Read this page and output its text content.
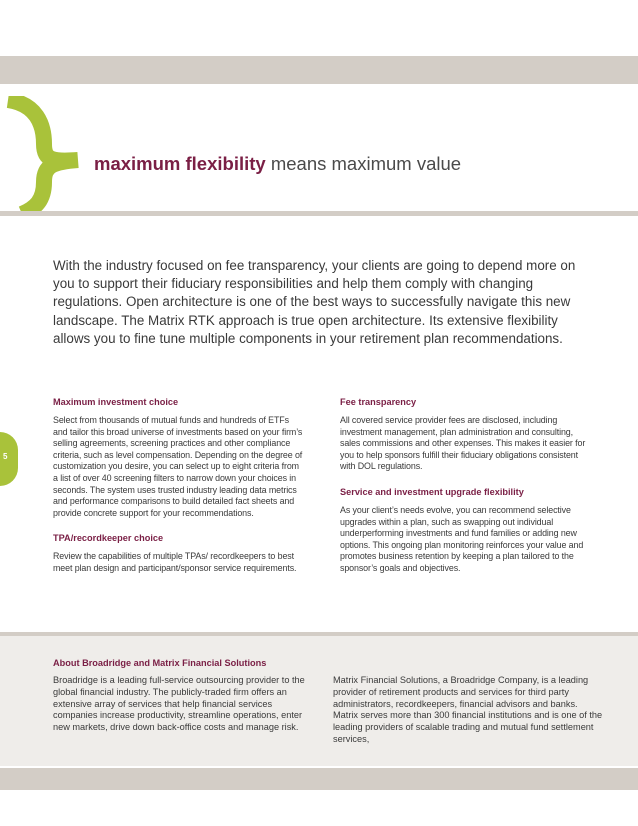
maximum flexibility means maximum value
With the industry focused on fee transparency, your clients are going to depend more on you to support their fiduciary responsibilities and help them comply with changing regulations. Open architecture is one of the best ways to successfully navigate this new landscape. The Matrix RTK approach is true open architecture. Its extensive flexibility allows you to fine tune multiple components in your retirement plan recommendations.
5
Maximum investment choice
Select from thousands of mutual funds and hundreds of ETFs and tailor this broad universe of investments based on your firm’s selling agreements, screening practices and other compliance criteria, such as level compensation. Depending on the degree of customization you desire, you can select up to eight criteria from a list of over 40 screening filters to narrow down your choices in seconds. The system uses trusted industry leading data metrics and performance comparisons to build detailed fact sheets and provide concrete support for your recommendations.
TPA/recordkeeper choice
Review the capabilities of multiple TPAs/ recordkeepers to best meet plan design and participant/sponsor service requirements.
Fee transparency
All covered service provider fees are disclosed, including investment management, plan administration and consulting, sales commissions and other expenses. This makes it easier for you to help sponsors fulfill their fiduciary obligations consistent with DOL regulations.
Service and investment upgrade flexibility
As your client’s needs evolve, you can recommend selective upgrades within a plan, such as swapping out individual underperforming investments and fund families or adding new options. This ongoing plan monitoring reinforces your value and promotes business retention by keeping a plan tailored to the sponsor’s goals and objectives.
About Broadridge and Matrix Financial Solutions
Broadridge is a leading full-service outsourcing provider to the global financial industry. The publicly-traded firm offers an extensive array of services that help financial services companies increase productivity, streamline operations, enter new markets, drive down back-office costs and manage risk.
Matrix Financial Solutions, a Broadridge Company, is a leading provider of retirement products and services for third party administrators, recordkeepers, financial advisors and banks. Matrix serves more than 300 financial institutions and is one of the leading providers of scalable trading and mutual fund settlement services,
